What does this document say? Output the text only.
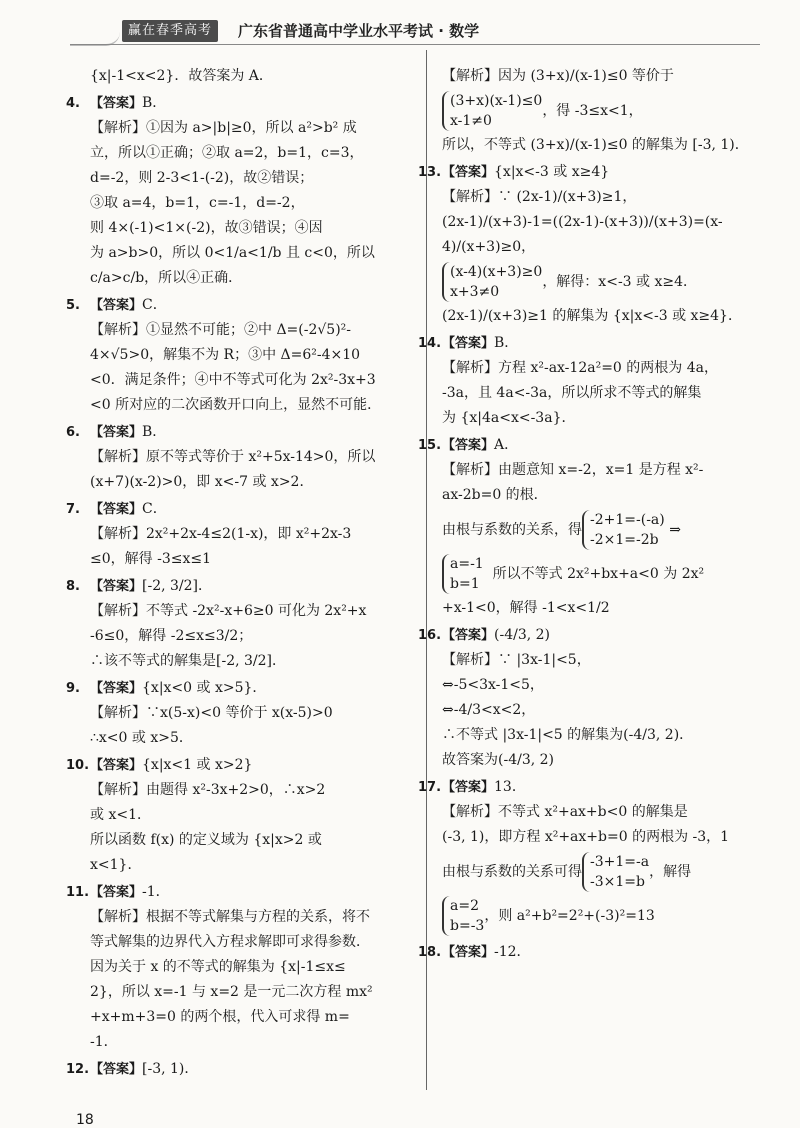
赢在春季高考	广东省普通高中学业水平考试 · 数学
{x|-1<x<2}．故答案为 A．
4. 【答案】B．
【解析】①因为 a>|b|≥0，所以 a²>b² 成
立，所以①正确；②取 a=2，b=1，c=3，
d=-2，则 2-3<1-(-2)，故②错误；
③取 a=4，b=1，c=-1，d=-2，
则 4×(-1)<1×(-2)，故③错误；④因
为 a>b>0，所以 0<1/a<1/b 且 c<0，所以
c/a>c/b，所以④正确．
5. 【答案】C．
【解析】①显然不可能；②中 Δ=(-2√5)²-
4×√5>0，解集不为 R；③中 Δ=6²-4×10
<0．满足条件；④中不等式可化为 2x²-3x+3
<0 所对应的二次函数开口向上，显然不可能．
6. 【答案】B．
【解析】原不等式等价于 x²+5x-14>0，所以
(x+7)(x-2)>0，即 x<-7 或 x>2．
7. 【答案】C．
【解析】2x²+2x-4≤2(1-x)，即 x²+2x-3
≤0，解得 -3≤x≤1
8. 【答案】[-2, 3/2]．
【解析】不等式 -2x²-x+6≥0 可化为 2x²+x
-6≤0，解得 -2≤x≤3/2；
∴该不等式的解集是[-2, 3/2]．
9. 【答案】{x|x<0 或 x>5}．
【解析】∵x(5-x)<0 等价于 x(x-5)>0
∴x<0 或 x>5．
10.【答案】{x|x<1 或 x>2}
【解析】由题得 x²-3x+2>0，∴x>2
或 x<1．
所以函数 f(x) 的定义域为 {x|x>2 或
x<1}．
11.【答案】-1．
【解析】根据不等式解集与方程的关系，将不
等式解集的边界代入方程求解即可求得参数．
因为关于 x 的不等式的解集为 {x|-1≤x≤
2}，所以 x=-1 与 x=2 是一元二次方程 mx²
+x+m+3=0 的两个根，代入可求得 m=
-1．
12.【答案】[-3, 1)．
【解析】因为 (3+x)/(x-1)≤0 等价于
(3+x)(x-1)≤0
x-1≠0
，得 -3≤x<1，
所以，不等式 (3+x)/(x-1)≤0 的解集为 [-3, 1)．
13.【答案】{x|x<-3 或 x≥4}
【解析】∵ (2x-1)/(x+3)≥1，
(2x-1)/(x+3)-1=((2x-1)-(x+3))/(x+3)=(x-4)/(x+3)≥0，
(x-4)(x+3)≥0
x+3≠0
，解得：x<-3 或 x≥4．
(2x-1)/(x+3)≥1 的解集为 {x|x<-3 或 x≥4}．
14.【答案】B．
【解析】方程 x²-ax-12a²=0 的两根为 4a，
-3a，且 4a<-3a，所以所求不等式的解集
为 {x|4a<x<-3a}．
15.【答案】A．
【解析】由题意知 x=-2，x=1 是方程 x²-
ax-2b=0 的根．
由根与系数的关系，得
-2+1=-(-a)
-2×1=-2b
⇒
a=-1
b=1
所以不等式 2x²+bx+a<0 为 2x²
+x-1<0，解得 -1<x<1/2
16.【答案】(-4/3, 2)
【解析】∵ |3x-1|<5，
⇔-5<3x-1<5，
⇔-4/3<x<2，
∴不等式 |3x-1|<5 的解集为(-4/3, 2)．
故答案为(-4/3, 2)
17.【答案】13．
【解析】不等式 x²+ax+b<0 的解集是
(-3, 1)，即方程 x²+ax+b=0 的两根为 -3，1
由根与系数的关系可得
-3+1=-a
-3×1=b
，解得
a=2
b=-3
，则 a²+b²=2²+(-3)²=13
18.【答案】-12．
18
